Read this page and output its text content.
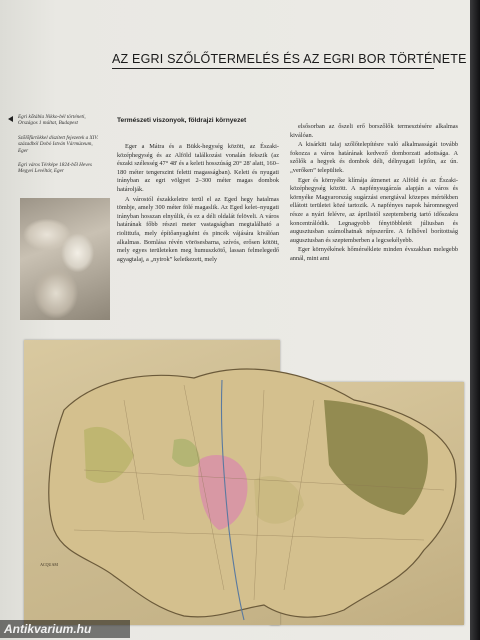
AZ EGRI SZŐLŐTERMELÉS ÉS AZ EGRI BOR TÖRTÉNETE
Egri kőtábla Nikko-bél történeti, Országos 1 múltat, Budapest
Szőlőfürtökkel díszített fejezetek a XIV. századból Dobó István Vármúzeum, Eger
Egri város Térképe 1824-ből Heves Megyei Levéltár, Eger
Természeti viszonyok, földrajzi környezet

Eger a Mátra és a Bükk-hegység között, az Északi-középhegység és az Alföld találkozási vonalán fekszik (az északi szélesség 47° 48' és a keleti hosszúság 20° 28' alatt, 160–180 méter tengerszint feletti magasságban). Keleti és nyugati irányban az egri völgyet 2–300 méter magas dombok határolják.

A várostól északkeletre terül el az Eged hegy hatalmas tömbje, amely 300 méter fölé magaslik. Az Eged kelet–nyugati irányban hosszan elnyúlik, és ez a déli oldalát felöveli. A város határának főbb részei meter vastagságban megtalálható a riolittufa, mely építőanyagként és pincék vájására kiválóan alkalmas. Bomlása révén vörösesbarna, szívós, erősen kötött, mely egyes területeken meg humuszkötő, lassan felmelegedő agyagtalaj, a „nyirok” keletkezett, mely

elsősorban az őszeli erő borszőlők termesztésére alkalmas kiválóan.

A kisárkiti talaj szőlőtelepítésre való alkalmasságát tovább fokozza a város határának kedvező domborzati adottsága. A szőlők a hegyek és dombok déli, délnyugati lejtőin, az ún. „verőken” települtek.

Eger és környéke klímája átmenet az Alföld és az Északi-középhegység között. A napfénysugárzás alapján a város és környéke Magyarország sugárzási energiával közepes mértékben ellátott területei közé tartozik. A napfényes napok háromnegyed része a nyári felévre, az áprilistól szeptemberig tartó időszakra koncentrálódik. Legnagyobb fénytöbbletét júliusban és augusztusban számolhatnak népszerűre. A felhővel borítottság augusztusban és szeptemberben a legcsekélyebb.

Eger környékének hőmérséklete minden évszakban melegebb annál, mint ami

ACQUAM
Antikvarium.hu
